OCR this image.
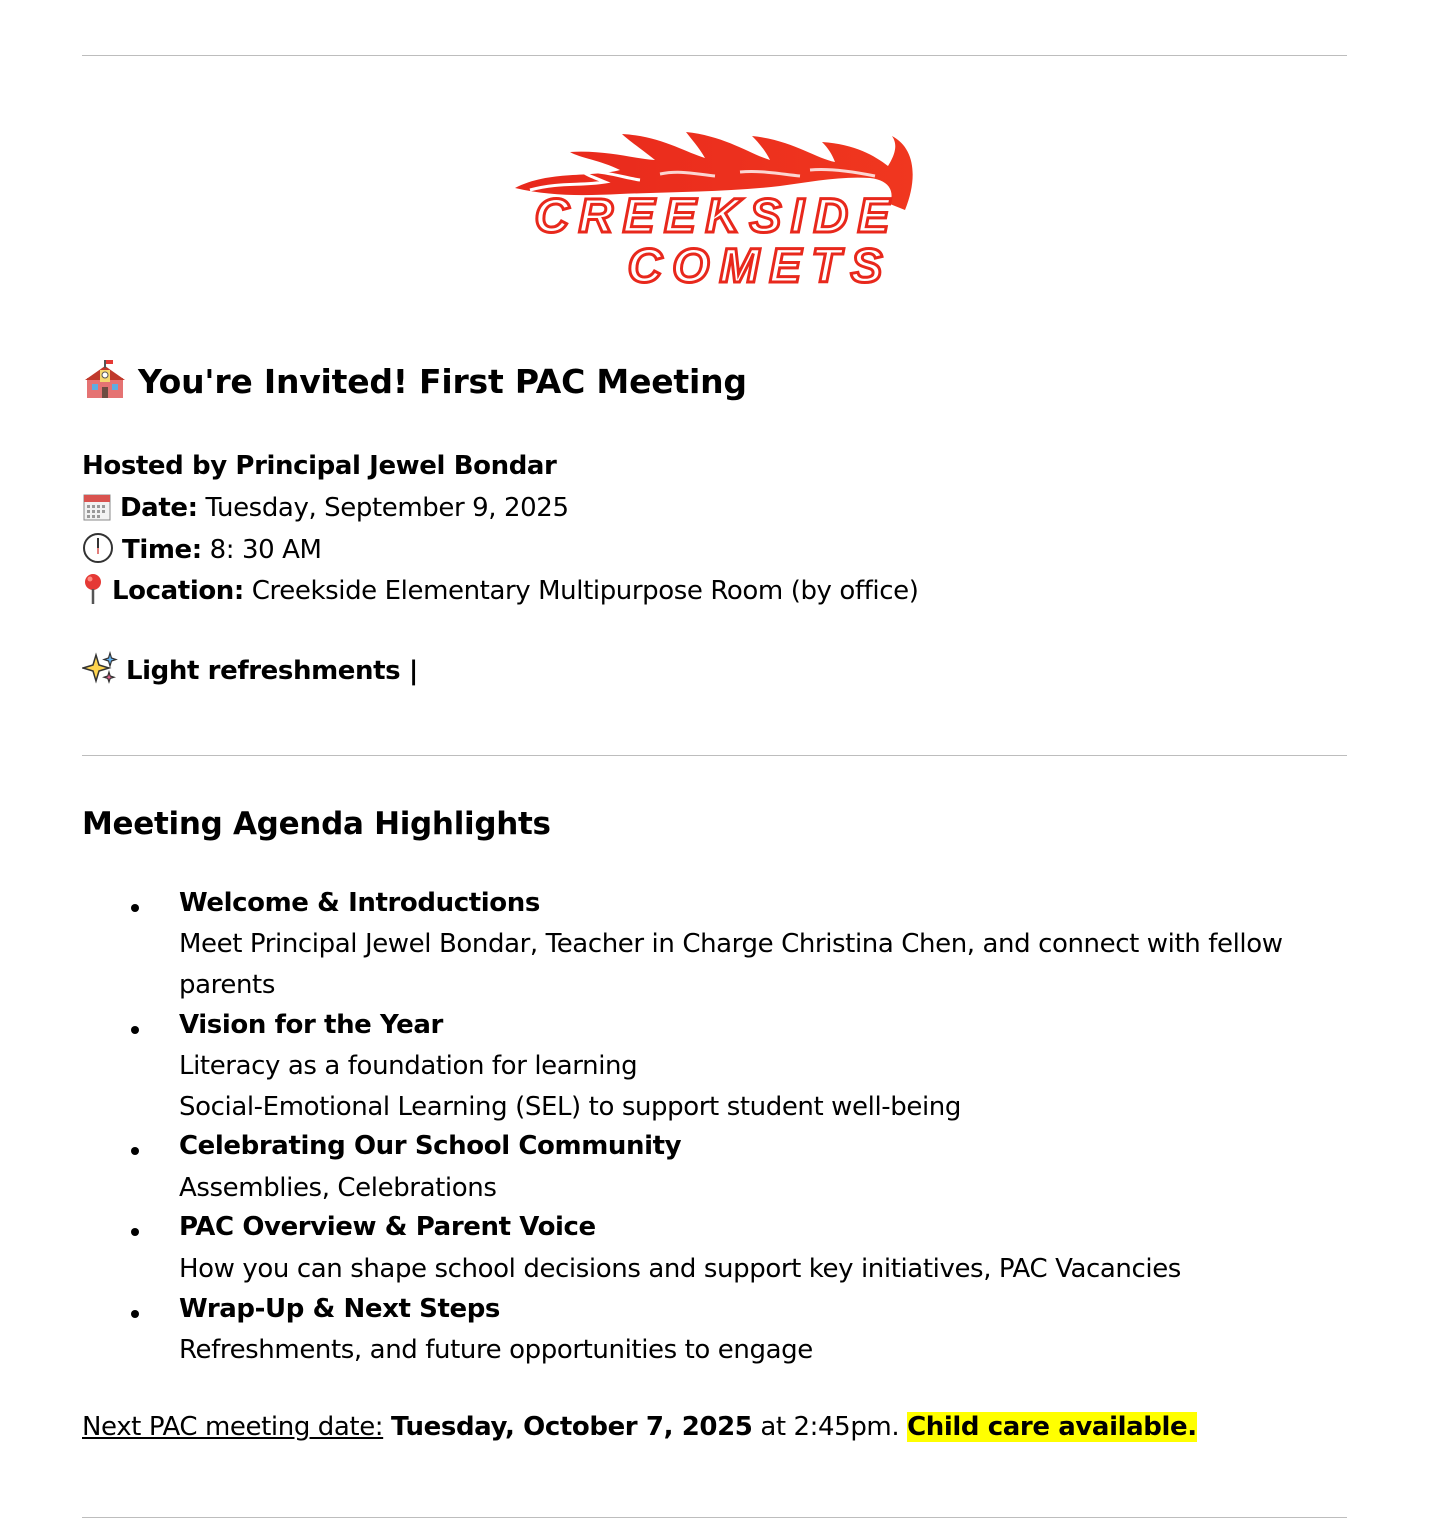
CREEKSIDE
COMETS
You're Invited! First PAC Meeting
Hosted by Principal Jewel Bondar
Date: Tuesday, September 9, 2025
Time: 8: 30 AM
Location: Creekside Elementary Multipurpose Room (by office)
Light refreshments |
Meeting Agenda Highlights
Welcome & Introductions
Meet Principal Jewel Bondar, Teacher in Charge Christina Chen, and connect with fellow
parents
Vision for the Year
Literacy as a foundation for learning
Social-Emotional Learning (SEL) to support student well-being
Celebrating Our School Community
Assemblies, Celebrations
PAC Overview & Parent Voice
How you can shape school decisions and support key initiatives, PAC Vacancies
Wrap-Up & Next Steps
Refreshments, and future opportunities to engage
Next PAC meeting date: Tuesday, October 7, 2025 at 2:45pm. Child care available.
